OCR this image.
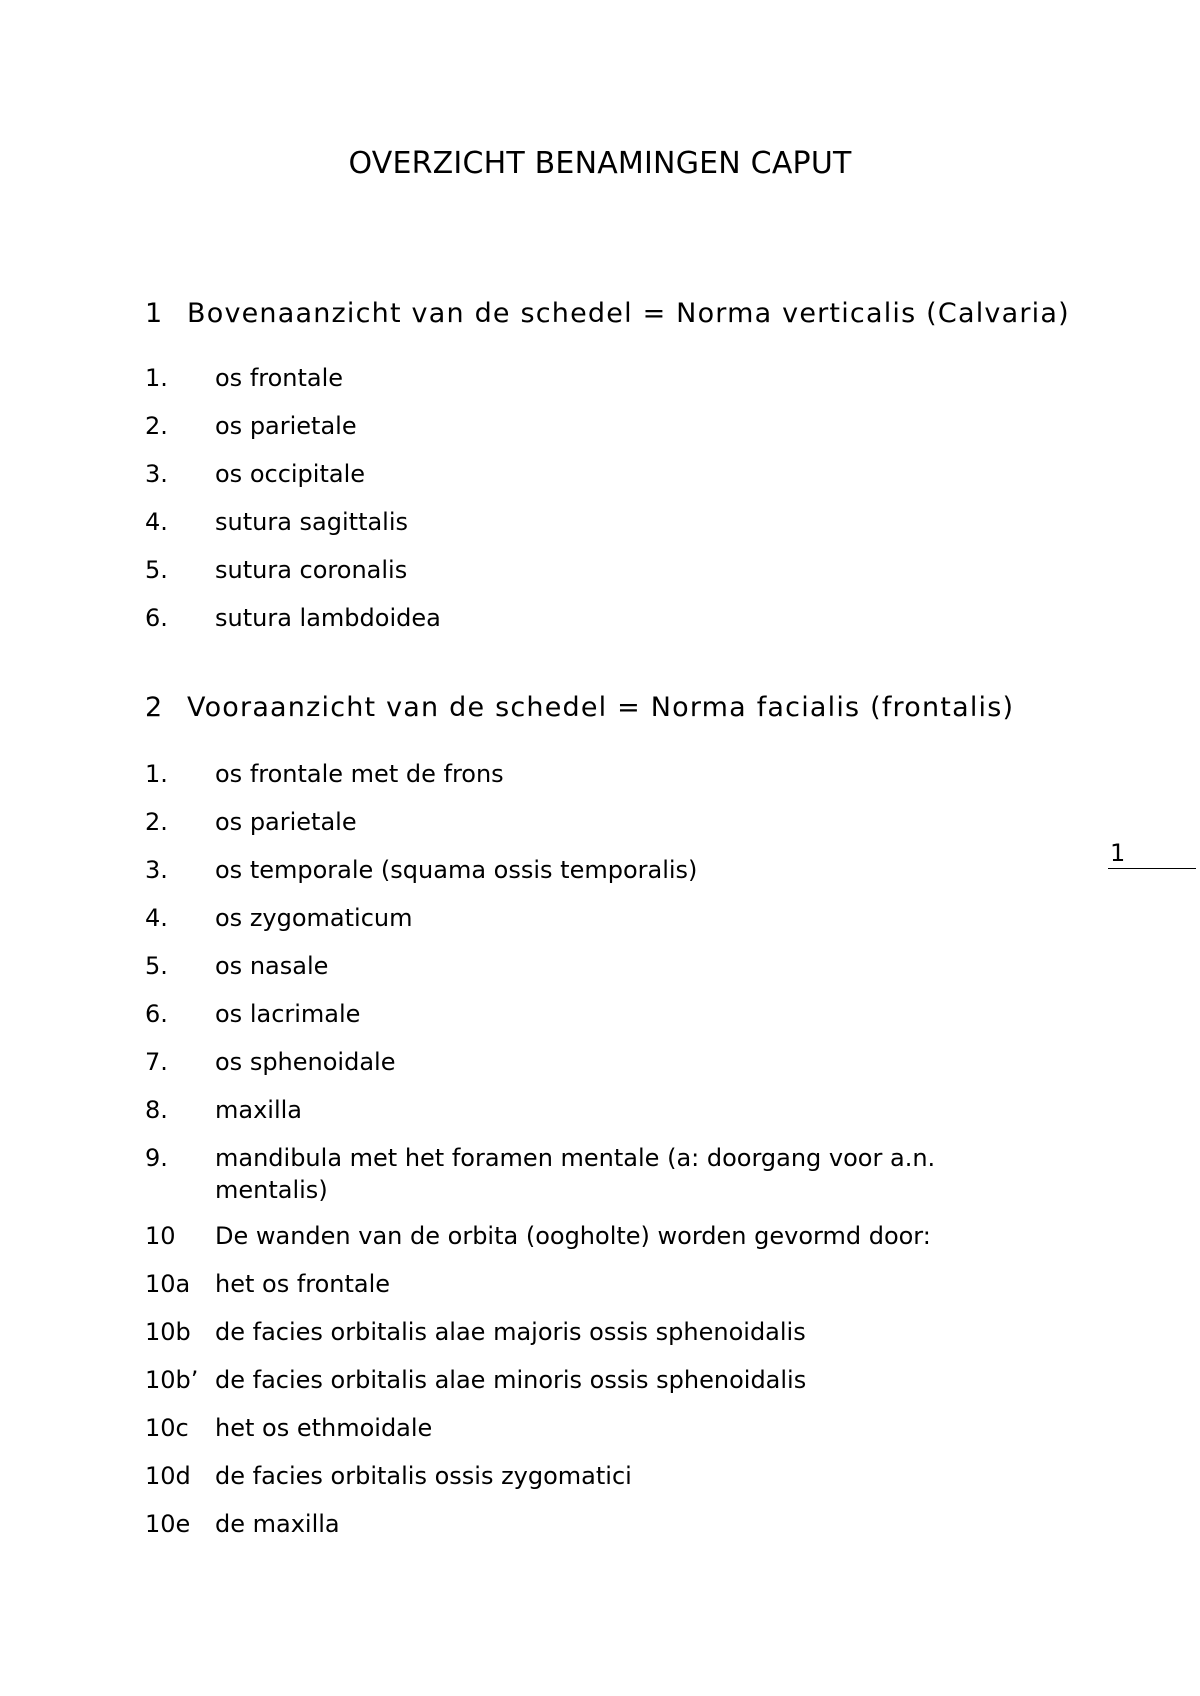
OVERZICHT BENAMINGEN CAPUT
1 Bovenaanzicht van de schedel = Norma verticalis (Calvaria)
1.	os frontale
2.	os parietale
3.	os occipitale
4.	sutura sagittalis
5.	sutura coronalis
6.	sutura lambdoidea
2 Vooraanzicht van de schedel = Norma facialis (frontalis)
1.	os frontale met de frons
2.	os parietale
3.	os temporale (squama ossis temporalis)
4.	os zygomaticum
5.	os nasale
6.	os lacrimale
7.	os sphenoidale
8.	maxilla
9.	mandibula met het foramen mentale (a: doorgang voor a.n. mentalis)
10	De wanden van de orbita (oogholte) worden gevormd door:
10a	het os frontale
10b	de facies orbitalis alae majoris ossis sphenoidalis
10b’ de facies orbitalis alae minoris ossis sphenoidalis
10c	het os ethmoidale
10d	de facies orbitalis ossis zygomatici
10e	de maxilla
1
